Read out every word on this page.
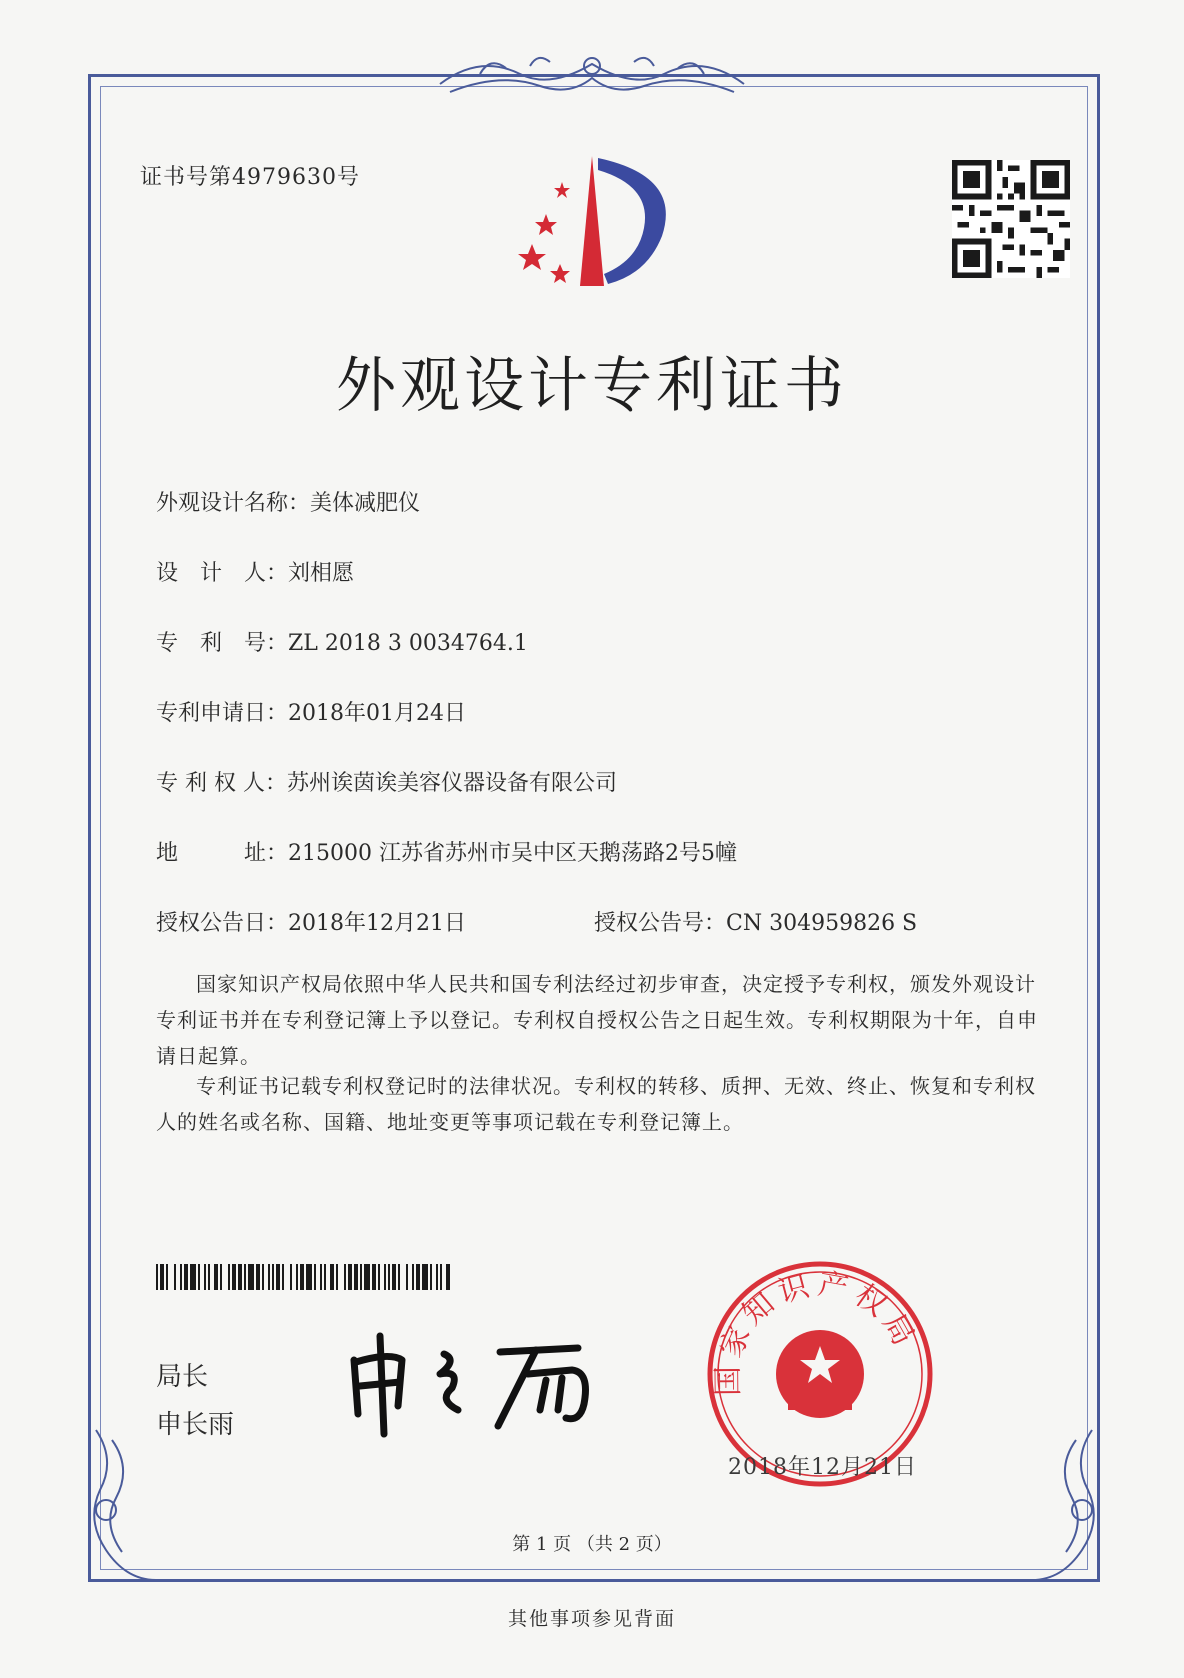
证书号第4979630号
外观设计专利证书
外观设计名称：美体减肥仪
设　计　人：刘相愿
专　利　号：ZL 2018 3 0034764.1
专利申请日：2018年01月24日
专 利 权 人：苏州诶茵诶美容仪器设备有限公司
地　　　址：215000 江苏省苏州市吴中区天鹅荡路2号5幢
授权公告日：2018年12月21日	授权公告号：CN 304959826 S
国家知识产权局依照中华人民共和国专利法经过初步审查，决定授予专利权，颁发外观设计专利证书并在专利登记簿上予以登记。专利权自授权公告之日起生效。专利权期限为十年，自申请日起算。
专利证书记载专利权登记时的法律状况。专利权的转移、质押、无效、终止、恢复和专利权人的姓名或名称、国籍、地址变更等事项记载在专利登记簿上。
局长
申长雨
国家知识产权局
2018年12月21日
第 1 页 （共 2 页）
其他事项参见背面
